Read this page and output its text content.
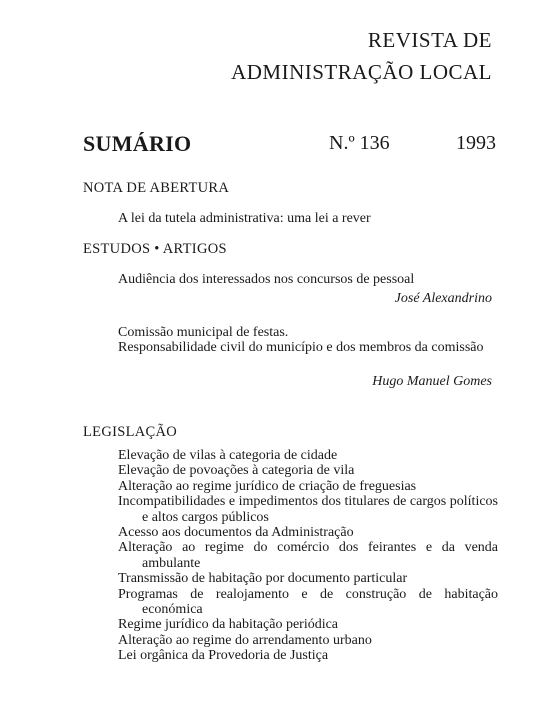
REVISTA DE
ADMINISTRAÇÃO LOCAL
SUMÁRIO	N.º 136	1993
NOTA DE ABERTURA
A lei da tutela administrativa: uma lei a rever
ESTUDOS • ARTIGOS
Audiência dos interessados nos concursos de pessoal
José Alexandrino
Comissão municipal de festas.
Responsabilidade civil do município e dos membros da comissão
Hugo Manuel Gomes
LEGISLAÇÃO
Elevação de vilas à categoria de cidade
Elevação de povoações à categoria de vila
Alteração ao regime jurídico de criação de freguesias
Incompatibilidades e impedimentos dos titulares de cargos políticos e altos cargos públicos
Acesso aos documentos da Administração
Alteração ao regime do comércio dos feirantes e da venda ambulante
Transmissão de habitação por documento particular
Programas de realojamento e de construção de habitação económica
Regime jurídico da habitação periódica
Alteração ao regime do arrendamento urbano
Lei orgânica da Provedoria de Justiça
